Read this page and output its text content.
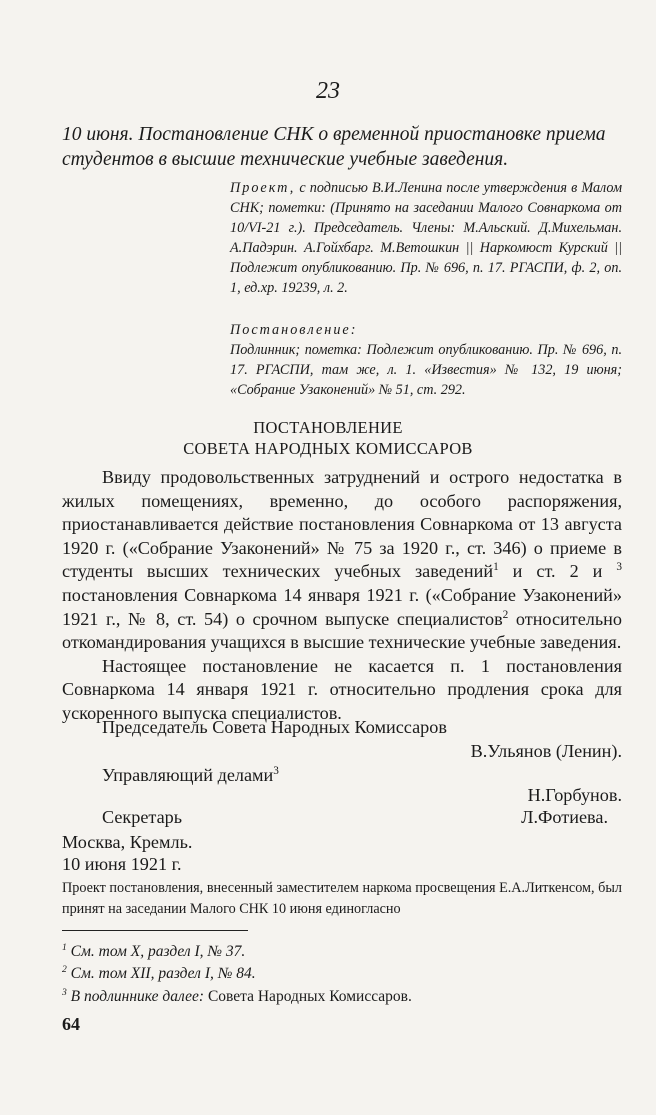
23
10 июня. Постановление СНК о временной приостановке приема студентов в высшие технические учебные заведения.

Проект, с подписью В.И.Ленина после утверждения в Малом СНК; пометки: (Принято на заседании Малого Совнаркома от 10/VI-21 г.). Председатель. Члены: М.Альский. Д.Михельман. А.Падэрин. А.Гойхбарг. М.Ветошкин || Наркомюст Курский || Подлежит опубликованию. Пр. № 696, п. 17. РГАСПИ, ф. 2, оп. 1, ед.хр. 19239, л. 2.

Постановление:

Подлинник; пометка: Подлежит опубликованию. Пр. № 696, п. 17. РГАСПИ, там же, л. 1. «Известия» № 132, 19 июня; «Собрание Узаконений» № 51, ст. 292.

ПОСТАНОВЛЕНИЕ
СОВЕТА НАРОДНЫХ КОМИССАРОВ

Ввиду продовольственных затруднений и острого недостатка в жилых помещениях, временно, до особого распоряжения, приостанавливается действие постановления Совнаркома от 13 августа 1920 г. («Собрание Узаконений» № 75 за 1920 г., ст. 346) о приеме в студенты высших технических учебных заведений$^1$ и ст. 2 и $^3$ постановления Совнаркома 14 января 1921 г. («Собрание Узаконений» 1921 г., № 8, ст. 54) о срочном выпуске специалистов$^2$ относительно откомандирования учащихся в высшие технические учебные заведения.

Настоящее постановление не касается п. 1 постановления Совнаркома 14 января 1921 г. относительно продления срока для ускоренного выпуска специалистов.

Председатель Совета Народных Комиссаров
В.Ульянов (Ленин).
Управляющий делами$^3$
Н.Горбунов.
Секретарь	Л.Фотиева.
Москва, Кремль.
10 июня 1921 г.
Проект постановления, внесенный заместителем наркома просвещения Е.А.Литкенсом, был принят на заседании Малого СНК 10 июня единогласно
$^1$ См. том X, раздел I, № 37.
$^2$ См. том XII, раздел I, № 84.
$^3$ В подлиннике далее: Совета Народных Комиссаров.
64
